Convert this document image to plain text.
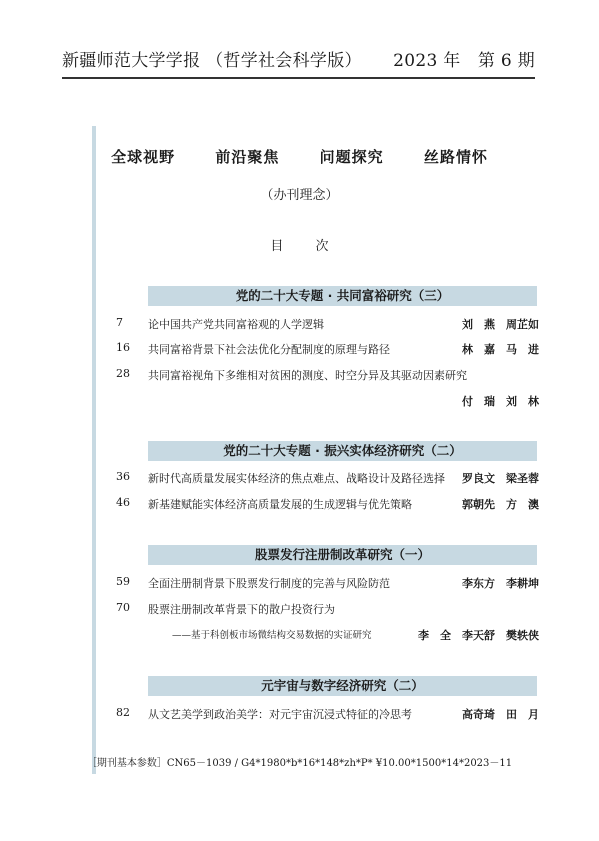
新疆师范大学学报 （哲学社会科学版） 2023 年　第 6 期
全球视野	前沿聚焦	问题探究	丝路情怀
（办刊理念）
目 次
党的二十大专题 · 共同富裕研究（三）
7	论中国共产党共同富裕观的人学逻辑	刘　燕　周芷如
16	共同富裕背景下社会法优化分配制度的原理与路径	林　嘉　马　进
28	共同富裕视角下多维相对贫困的测度、时空分异及其驱动因素研究
付　瑞　刘　林
党的二十大专题 · 振兴实体经济研究（二）
36	新时代高质量发展实体经济的焦点难点、战略设计及路径选择 罗良文　梁圣蓉
46	新基建赋能实体经济高质量发展的生成逻辑与优先策略	郭朝先　方　澳
股票发行注册制改革研究（一）
59	全面注册制背景下股票发行制度的完善与风险防范	李东方　李耕坤
70	股票注册制改革背景下的散户投资行为
——基于科创板市场微结构交易数据的实证研究	李　全　李天舒　樊轶侠
元宇宙与数字经济研究（二）
82	从文艺美学到政治美学：对元宇宙沉浸式特征的冷思考	高奇琦　田　月
［期刊基本参数］CN65－1039 / G4*1980*b*16*148*zh*P* ¥10.00*1500*14*2023－11
